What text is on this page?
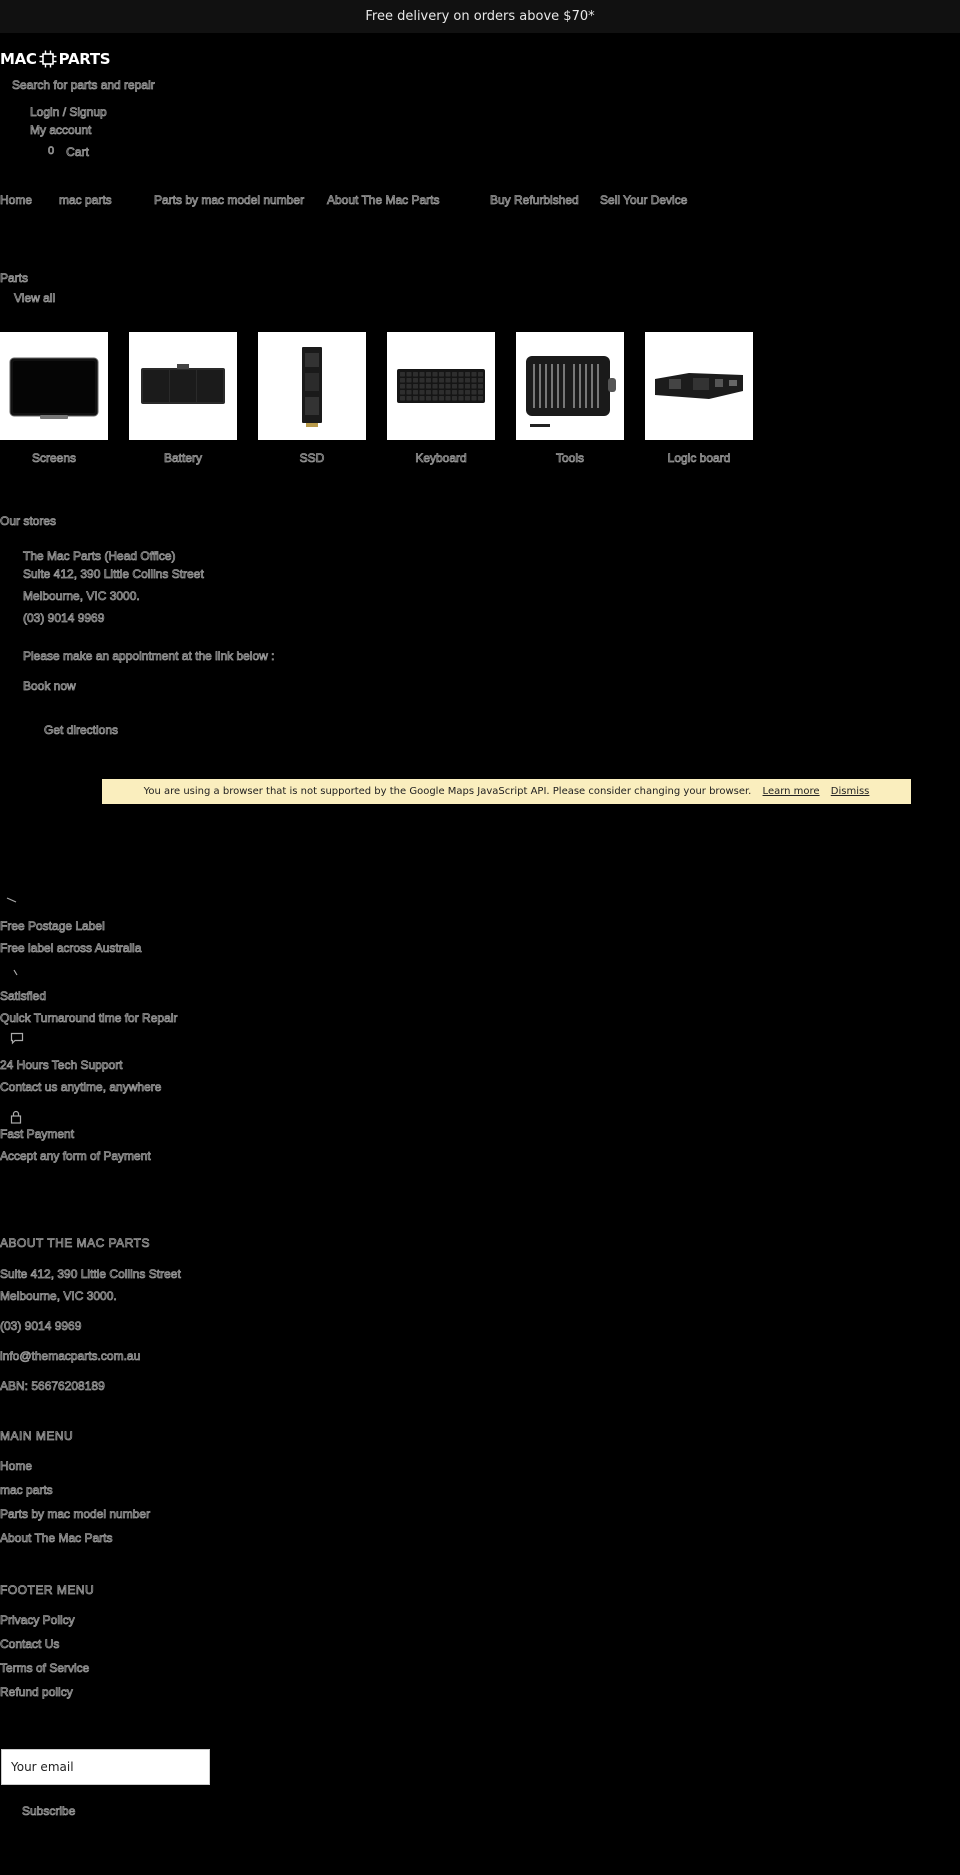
Free delivery on orders above $70*
MAC PARTS
Search for parts and repair
Login / Signup
My account
0 Cart
Home mac parts	Parts by mac model number About The Mac Parts	Buy Refurbished Sell Your Device
Parts
View all
Screens	Battery	SSD	Keyboard	Tools	Logic board
Our stores
The Mac Parts (Head Office)
Suite 412, 390 Little Collins Street
Melbourne, VIC 3000.
(03) 9014 9969
Please make an appointment at the link below :
Book now
Get directions
You are using a browser that is not supported by the Google Maps JavaScript API. Please consider changing your browser. Learn more Dismiss
Free Postage Label
Free label across Australia
Satisfied
Quick Turnaround time for Repair
24 Hours Tech Support
Contact us anytime, anywhere
Fast Payment
Accept any form of Payment
ABOUT THE MAC PARTS
Suite 412, 390 Little Collins Street
Melbourne, VIC 3000.
(03) 9014 9969
info@themacparts.com.au
ABN: 56676208189
MAIN MENU
Home
mac parts
Parts by mac model number
About The Mac Parts
FOOTER MENU
Privacy Policy
Contact Us
Terms of Service
Refund policy
Your email
Subscribe
